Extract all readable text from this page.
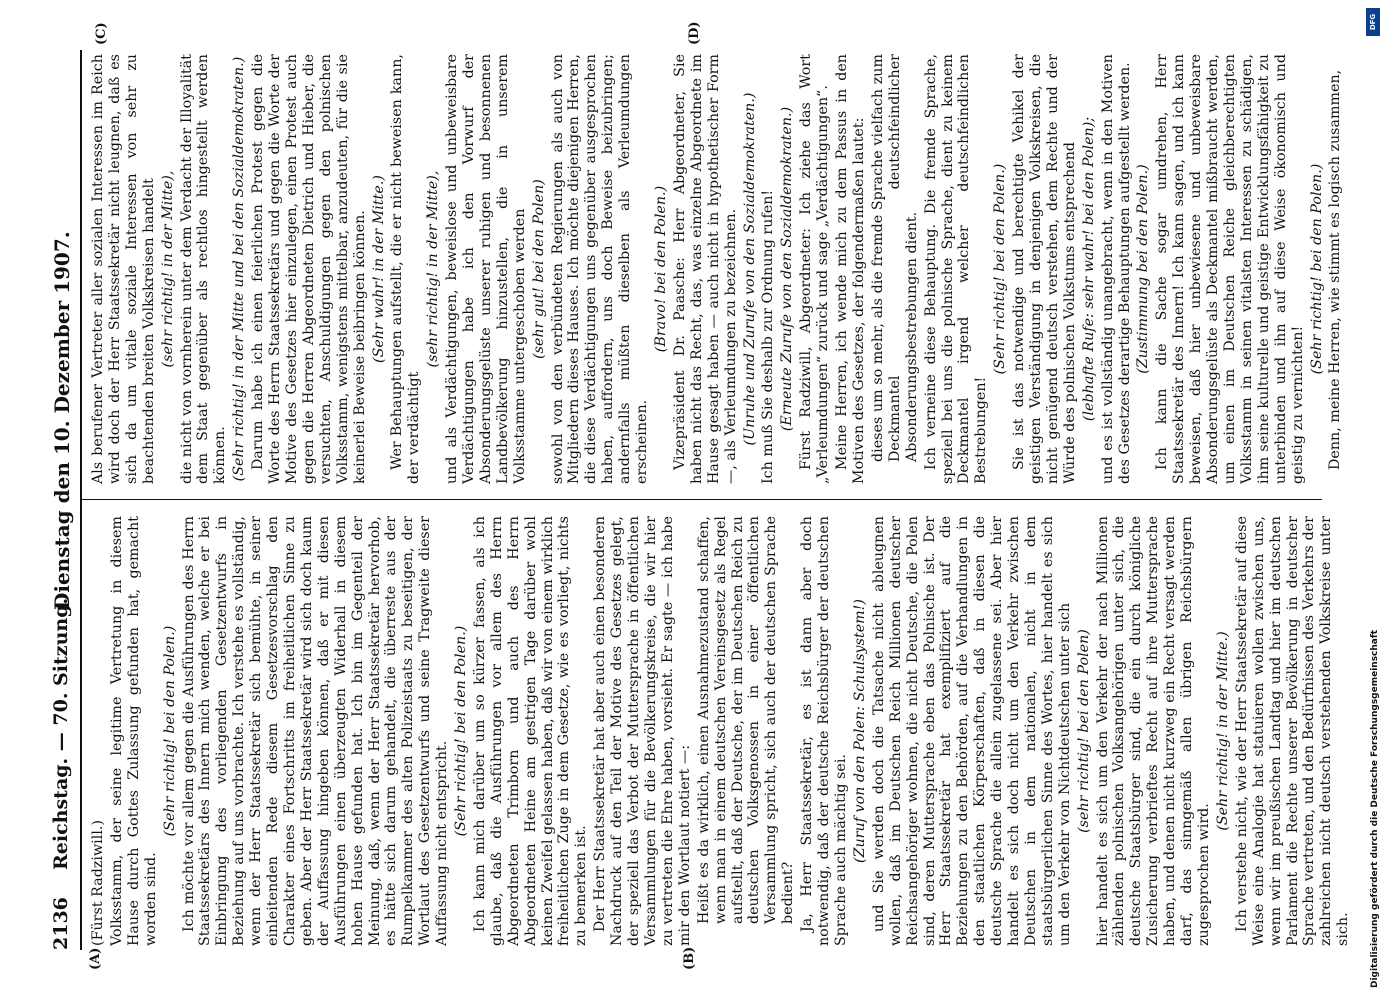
2136
Reichstag. — 70. Sitzung.
Dienstag den 10. Dezember 1907.
(A)	(B)
(C)	(D)

(Fürst Radziwill.) Volksstamm, der seine legitime Vertretung in diesem Hause durch Gottes Zulassung gefunden hat, gemacht worden sind.

(Sehr richtig! bei den Polen.) Ich möchte vor allem gegen die Ausführungen des Herrn Staatssekretärs des Innern mich wenden, welche er bei Einbringung des vorliegenden Gesetzentwurfs in Beziehung auf uns vorbrachte. Ich verstehe es vollständig, wenn der Herr Staatssekretär sich bemühte, in seiner einleitenden Rede diesem Gesetzesvorschlag den Charakter eines Fortschritts im freiheitlichen Sinne zu geben. Aber der Herr Staatssekretär wird sich doch kaum der Auffassung hingeben können, daß er mit diesen Ausführungen einen überzeugten Widerhall in diesem hohen Hause gefunden hat. Ich bin im Gegenteil der Meinung, daß, wenn der Herr Staatssekretär hervorhob, es hätte sich darum gehandelt, die überreste aus der Rumpelkammer des alten Polizeistaats zu beseitigen, der Wortlaut des Gesetzentwurfs und seine Tragweite dieser Auffassung nicht entspricht.

(Sehr richtig! bei den Polen.) Ich kann mich darüber um so kürzer fassen, als ich glaube, daß die Ausführungen vor allem des Herrn Abgeordneten Trimborn und auch des Herrn Abgeordneten Heine am gestrigen Tage darüber wohl keinen Zweifel gelassen haben, daß wir von einem wirklich freiheitlichen Zuge in dem Gesetze, wie es vorliegt, nichts zu bemerken ist. Der Herr Staatssekretär hat aber auch einen besonderen Nachdruck auf den Teil der Motive des Gesetzes gelegt, der speziell das Verbot der Muttersprache in öffentlichen Versammlungen für die Bevölkerungskreise, die wir hier zu vertreten die Ehre haben, vorsieht. Er sagte — ich habe mir den Wortlaut notiert —: Heißt es da wirklich, einen Ausnahmezustand schaffen, wenn man in einem deutschen Vereinsgesetz als Regel aufstellt, daß der Deutsche, der im Deutschen Reich zu deutschen Volksgenossen in einer öffentlichen Versammlung spricht, sich auch der deutschen Sprache bedient? Ja, Herr Staatssekretär, es ist dann aber doch notwendig, daß der deutsche Reichsbürger der deutschen Sprache auch mächtig sei. (Zuruf von den Polen: Schulsystem!) und Sie werden doch die Tatsache nicht ableugnen wollen, daß im Deutschen Reich Millionen deutscher Reichsangehöriger wohnen, die nicht Deutsche, die Polen sind, deren Muttersprache eben das Polnische ist. Der Herr Staatssekretär hat exemplifiziert auf die Beziehungen zu den Behörden, auf die Verhandlungen in den staatlichen Körperschaften, daß in diesen die deutsche Sprache die allein zugelassene sei. Aber hier handelt es sich doch nicht um den Verkehr zwischen Deutschen in dem nationalen, nicht in dem staatsbürgerlichen Sinne des Wortes, hier handelt es sich um den Verkehr von Nichtdeutschen unter sich (sehr richtig! bei den Polen) hier handelt es sich um den Verkehr der nach Millionen zählenden polnischen Volksangehörigen unter sich, die deutsche Staatsbürger sind, die ein durch königliche Zusicherung verbrieftes Recht auf ihre Muttersprache haben, und denen nicht kurzweg ein Recht versagt werden darf, das sinngemäß allen übrigen Reichsbürgern zugesprochen wird.

(Sehr richtig! in der Mitte.) Ich verstehe nicht, wie der Herr Staatssekretär auf diese Weise eine Analogie hat statuieren wollen zwischen uns, wenn wir im preußischen Landtag und hier im deutschen Parlament die Rechte unserer Bevölkerung in deutscher Sprache vertreten, und den Bedürfnissen des Verkehrs der zahlreichen nicht deutsch verstehenden Volkskreise unter sich.

Als berufener Vertreter aller sozialen Interessen im Reich wird doch der Herr Staatssekretär nicht leugnen, daß es sich da um vitale soziale Interessen von sehr zu beachtenden breiten Volkskreisen handelt (sehr richtig! in der Mitte), die nicht von vornherein unter dem Verdacht der Illoyalität dem Staat gegenüber als rechtlos hingestellt werden können. (Sehr richtig! in der Mitte und bei den Sozialdemokraten.) Darum habe ich einen feierlichen Protest gegen die Worte des Herrn Staatssekretärs und gegen die Worte der Motive des Gesetzes hier einzulegen, einen Protest auch gegen die Herren Abgeordneten Dietrich und Hieber, die versuchten, Anschuldigungen gegen den polnischen Volksstamm, wenigstens mittelbar, anzudeuten, für die sie keinerlei Beweise beibringen können. (Sehr wahr! in der Mitte.) Wer Behauptungen aufstellt, die er nicht beweisen kann, der verdächtigt

(sehr richtig! in der Mitte), und als Verdächtigungen, beweislose und unbeweisbare Verdächtigungen habe ich den Vorwurf der Absonderungsgelüste unserer ruhigen und besonnenen Landbevölkerung hinzustellen, die in unserem Volksstamme untergeschoben werden (sehr gut! bei den Polen) sowohl von den verbündeten Regierungen als auch von Mitgliedern dieses Hauses. Ich möchte diejenigen Herren, die diese Verdächtigungen uns gegenüber ausgesprochen haben, auffordern, uns doch Beweise beizubringen; andernfalls müßten dieselben als Verleumdungen erscheinen.

(Bravo! bei den Polen.) Vizepräsident Dr. Paasche: Herr Abgeordneter, Sie haben nicht das Recht, das, was einzelne Abgeordnete im Hause gesagt haben — auch nicht in hypothetischer Form —, als Verleumdungen zu bezeichnen. (Unruhe und Zurufe von den Sozialdemokraten.) Ich muß Sie deshalb zur Ordnung rufen! (Erneute Zurufe von den Sozialdemokraten.) Fürst Radziwill, Abgeordneter: Ich ziehe das Wort „Verleumdungen“ zurück und sage „Verdächtigungen“. Meine Herren, ich wende mich zu dem Passus in den Motiven des Gesetzes, der folgendermaßen lautet: dieses um so mehr, als die fremde Sprache vielfach zum Deckmantel deutschfeindlicher Absonderungsbestrebungen dient. Ich verneine diese Behauptung. Die fremde Sprache, speziell bei uns die polnische Sprache, dient zu keinem Deckmantel irgend welcher deutschfeindlichen Bestrebungen!

(Sehr richtig! bei den Polen.) Sie ist das notwendige und berechtigte Vehikel der geistigen Verständigung in denjenigen Volkskreisen, die nicht genügend deutsch verstehen, dem Rechte und der Würde des polnischen Volkstums entsprechend (lebhafte Rufe: sehr wahr! bei den Polen); und es ist vollständig unangebracht, wenn in den Motiven des Gesetzes derartige Behauptungen aufgestellt werden. (Zustimmung bei den Polen.) Ich kann die Sache sogar umdrehen, Herr Staatssekretär des Innern! Ich kann sagen, und ich kann beweisen, daß hier unbewiesene und unbeweisbare Absonderungsgelüste als Deckmantel mißbraucht werden, um einen im Deutschen Reiche gleichberechtigten Volksstamm in seinen vitalsten Interessen zu schädigen, ihm seine kulturelle und geistige Entwicklungsfähigkeit zu unterbinden und ihn auf diese Weise ökonomisch und geistig zu vernichten!

(Sehr richtig! bei den Polen.) Denn, meine Herren, wie stimmt es logisch zusammen,

DFG
Digitalisierung gefördert durch die Deutsche Forschungsgemeinschaft
